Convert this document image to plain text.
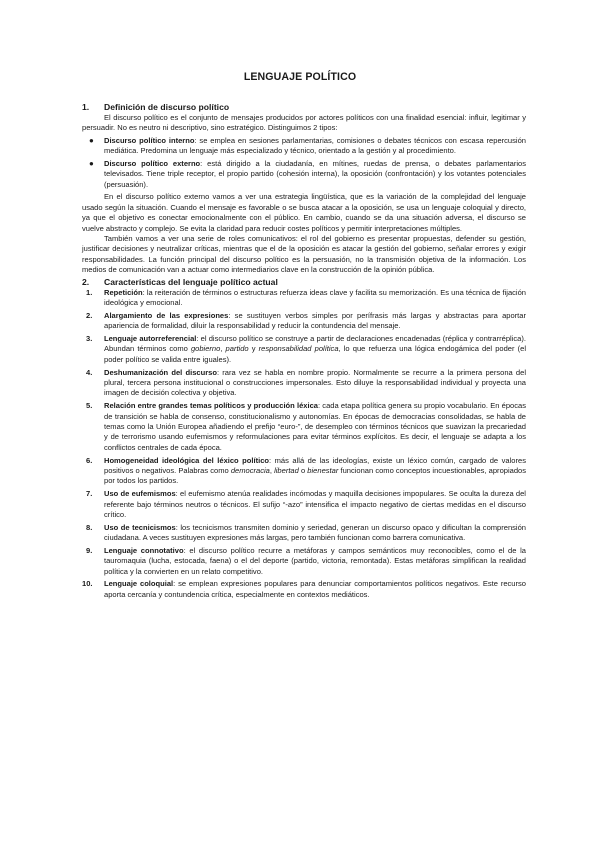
LENGUAJE POLÍTICO
1. Definición de discurso político

El discurso político es el conjunto de mensajes producidos por actores políticos con una finalidad esencial: influir, legitimar y persuadir. No es neutro ni descriptivo, sino estratégico. Distinguimos 2 tipos:

● Discurso político interno: se emplea en sesiones parlamentarias, comisiones o debates técnicos con escasa repercusión mediática. Predomina un lenguaje más especializado y técnico, orientado a la gestión y al procedimiento.
● Discurso político externo: está dirigido a la ciudadanía, en mítines, ruedas de prensa, o debates parlamentarios televisados. Tiene triple receptor, el propio partido (cohesión interna), la oposición (confrontación) y los votantes potenciales (persuasión).

En el discurso político externo vamos a ver una estrategia lingüística, que es la variación de la complejidad del lenguaje usado según la situación. Cuando el mensaje es favorable o se busca atacar a la oposición, se usa un lenguaje coloquial y directo, ya que el objetivo es conectar emocionalmente con el público. En cambio, cuando se da una situación adversa, el discurso se vuelve abstracto y complejo. Se evita la claridad para reducir costes políticos y permitir interpretaciones múltiples.

También vamos a ver una serie de roles comunicativos: el rol del gobierno es presentar propuestas, defender su gestión, justificar decisiones y neutralizar críticas, mientras que el de la oposición es atacar la gestión del gobierno, señalar errores y exigir responsabilidades. La función principal del discurso político es la persuasión, no la transmisión objetiva de la información. Los medios de comunicación van a actuar como intermediarios clave en la construcción de la opinión pública.

2. Características del lenguaje político actual
1. Repetición: la reiteración de términos o estructuras refuerza ideas clave y facilita su memorización. Es una técnica de fijación ideológica y emocional.
2. Alargamiento de las expresiones: se sustituyen verbos simples por perífrasis más largas y abstractas para aportar apariencia de formalidad, diluir la responsabilidad y reducir la contundencia del mensaje.
3. Lenguaje autorreferencial: el discurso político se construye a partir de declaraciones encadenadas (réplica y contrarréplica). Abundan términos como gobierno, partido y responsabilidad política, lo que refuerza una lógica endogámica del poder (el poder político se valida entre iguales).
4. Deshumanización del discurso: rara vez se habla en nombre propio. Normalmente se recurre a la primera persona del plural, tercera persona institucional o construcciones impersonales. Esto diluye la responsabilidad individual y proyecta una imagen de decisión colectiva y objetiva.
5. Relación entre grandes temas políticos y producción léxica: cada etapa política genera su propio vocabulario. En épocas de transición se habla de consenso, constitucionalismo y autonomías. En épocas de democracias consolidadas, se habla de temas como la Unión Europea añadiendo el prefijo “euro-”, de desempleo con términos técnicos que suavizan la precariedad y de terrorismo usando eufemismos y reformulaciones para evitar términos explícitos. Es decir, el lenguaje se adapta a los conflictos centrales de cada época.
6. Homogeneidad ideológica del léxico político: más allá de las ideologías, existe un léxico común, cargado de valores positivos o negativos. Palabras como democracia, libertad o bienestar funcionan como conceptos incuestionables, apropiados por todos los partidos.
7. Uso de eufemismos: el eufemismo atenúa realidades incómodas y maquilla decisiones impopulares. Se oculta la dureza del referente bajo términos neutros o técnicos. El sufijo “-azo” intensifica el impacto negativo de ciertas medidas en el discurso crítico.
8. Uso de tecnicismos: los tecnicismos transmiten dominio y seriedad, generan un discurso opaco y dificultan la comprensión ciudadana. A veces sustituyen expresiones más largas, pero también funcionan como barrera comunicativa.
9. Lenguaje connotativo: el discurso político recurre a metáforas y campos semánticos muy reconocibles, como el de la tauromaquia (lucha, estocada, faena) o el del deporte (partido, victoria, remontada). Estas metáforas simplifican la realidad política y la convierten en un relato competitivo.
10. Lenguaje coloquial: se emplean expresiones populares para denunciar comportamientos políticos negativos. Este recurso aporta cercanía y contundencia crítica, especialmente en contextos mediáticos.
